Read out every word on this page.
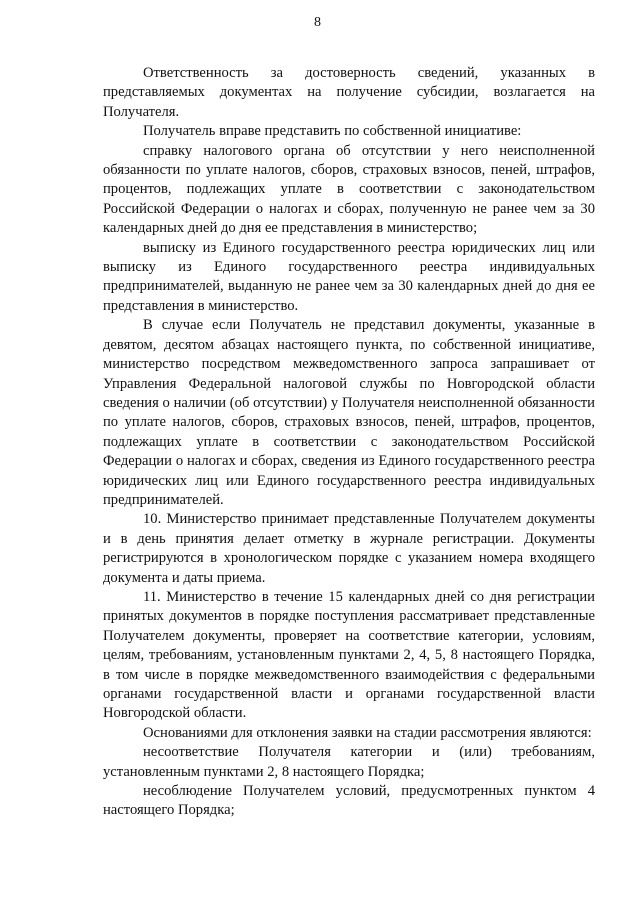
8

Ответственность за достоверность сведений, указанных в представляемых документах на получение субсидии, возлагается на Получателя.

Получатель вправе представить по собственной инициативе:

справку налогового органа об отсутствии у него неисполненной обязанности по уплате налогов, сборов, страховых взносов, пеней, штрафов, процентов, подлежащих уплате в соответствии с законодательством Российской Федерации о налогах и сборах, полученную не ранее чем за 30 календарных дней до дня ее представления в министерство;

выписку из Единого государственного реестра юридических лиц или выписку из Единого государственного реестра индивидуальных предпринимателей, выданную не ранее чем за 30 календарных дней до дня ее представления в министерство.

В случае если Получатель не представил документы, указанные в девятом, десятом абзацах настоящего пункта, по собственной инициативе, министерство посредством межведомственного запроса запрашивает от Управления Федеральной налоговой службы по Новгородской области сведения о наличии (об отсутствии) у Получателя неисполненной обязанности по уплате налогов, сборов, страховых взносов, пеней, штрафов, процентов, подлежащих уплате в соответствии с законодательством Российской Федерации о налогах и сборах, сведения из Единого государственного реестра юридических лиц или Единого государственного реестра индивидуальных предпринимателей.

10. Министерство принимает представленные Получателем документы и в день принятия делает отметку в журнале регистрации. Документы регистрируются в хронологическом порядке с указанием номера входящего документа и даты приема.

11. Министерство в течение 15 календарных дней со дня регистрации принятых документов в порядке поступления рассматривает представленные Получателем документы, проверяет на соответствие категории, условиям, целям, требованиям, установленным пунктами 2, 4, 5, 8 настоящего Порядка, в том числе в порядке межведомственного взаимодействия с федеральными органами государственной власти и органами государственной власти Новгородской области.

Основаниями для отклонения заявки на стадии рассмотрения являются:

несоответствие Получателя категории и (или) требованиям, установленным пунктами 2, 8 настоящего Порядка;

несоблюдение Получателем условий, предусмотренных пунктом 4 настоящего Порядка;
